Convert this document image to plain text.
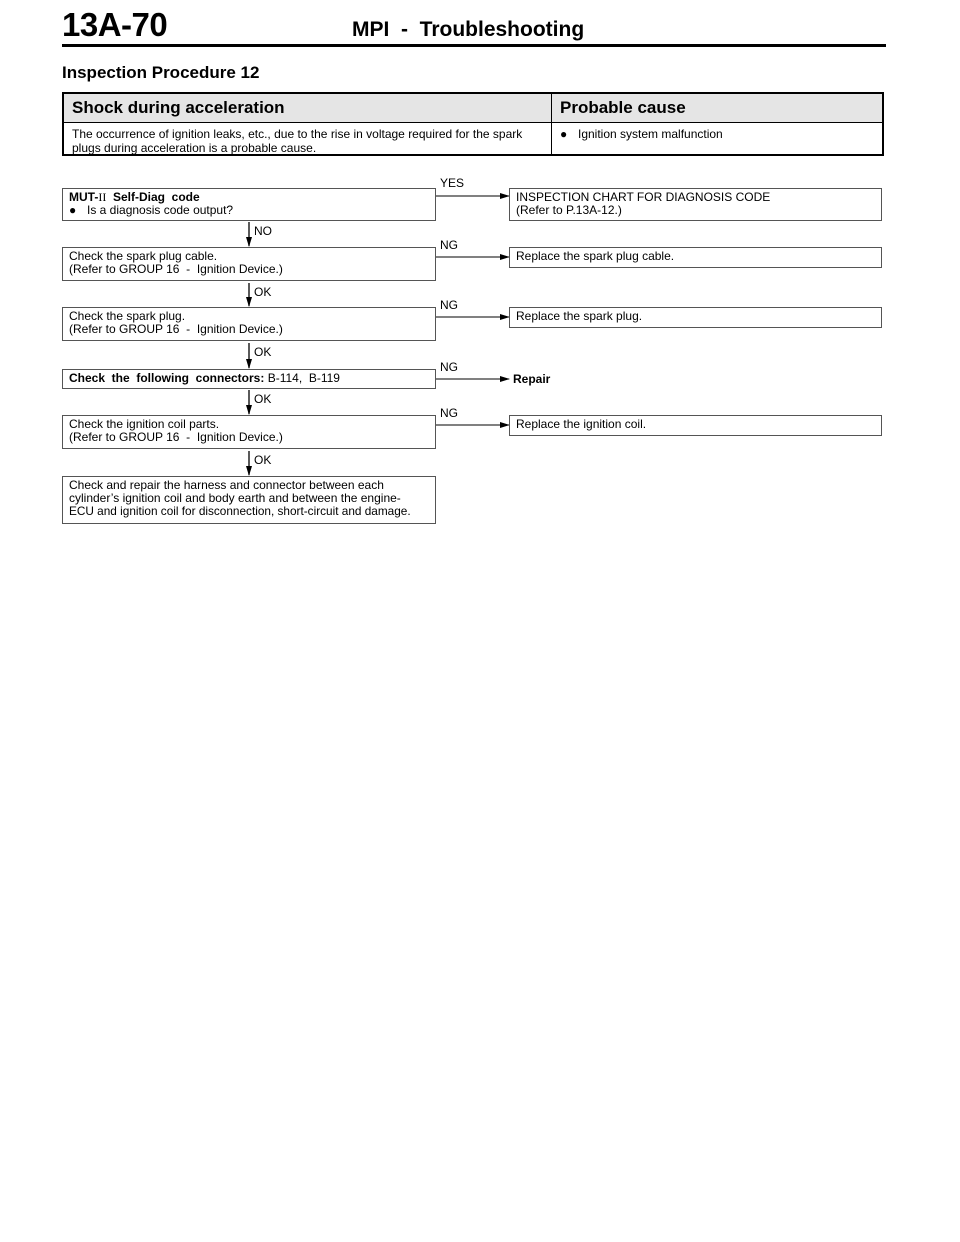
13A-70	MPI  -  Troubleshooting
Inspection Procedure 12
Shock during acceleration	Probable cause
The occurrence of ignition leaks, etc., due to the rise in voltage required for the spark plugs during acceleration is a probable cause.
● Ignition system malfunction
MUT-II  Self-Diag  code
● Is a diagnosis code output?
YES
INSPECTION CHART FOR DIAGNOSIS CODE
(Refer to P.13A-12.)
NO
Check the spark plug cable.
(Refer to GROUP 16  -  Ignition Device.)
NG
Replace the spark plug cable.
OK
Check the spark plug.
(Refer to GROUP 16  -  Ignition Device.)
NG
Replace the spark plug.
OK
Check  the  following  connectors: B-114,  B-119
NG
Repair
OK
Check the ignition coil parts.
(Refer to GROUP 16  -  Ignition Device.)
NG
Replace the ignition coil.
OK
Check and repair the harness and connector between each
cylinder’s ignition coil and body earth and between the engine-
ECU and ignition coil for disconnection, short-circuit and damage.
